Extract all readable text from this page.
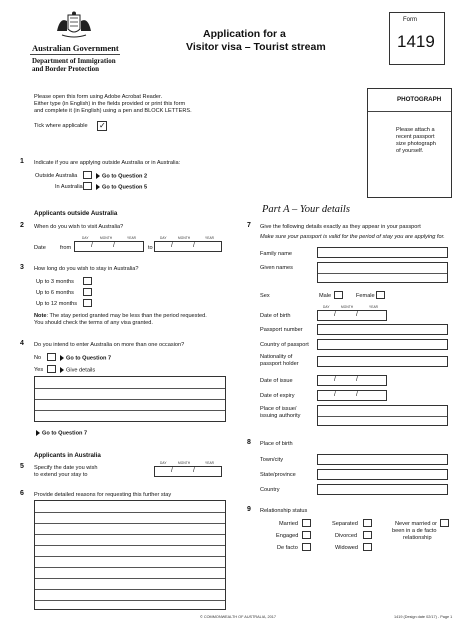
Australian Government
Department of Immigration
and Border Protection
Application for a
Visitor visa – Tourist stream
Form
1419
Please open this form using Adobe Acrobat Reader.
Either type (in English) in the fields provided or print this form
and complete it (in English) using a pen and BLOCK LETTERS.
Tick where applicable ✓
PHOTOGRAPH
Please attach a
recent passport
size photograph
of yourself.
1 Indicate if you are applying outside Australia or in Australia:
Outside Australia	Go to Question 2
In Australia	Go to Question 5
Applicants outside Australia
2 When do you wish to visit Australia?
DAY	MONTH	YEAR	DAY	MONTH	YEAR
Date	from	/	/	to	/	/
3 How long do you wish to stay in Australia?
Up to 3 months
Up to 6 months
Up to 12 months
Note: The stay period granted may be less than the period requested.
You should check the terms of any visa granted.
4 Do you intend to enter Australia on more than one occasion?
No	Go to Question 7
Yes	Give details
Go to Question 7
Applicants in Australia
5 Specify the date you wish
to extend your stay to
DAY	MONTH	YEAR
/	/
6 Provide detailed reasons for requesting this further stay
Part A – Your details
7 Give the following details exactly as they appear in your passport
Make sure your passport is valid for the period of stay you are applying for.
Family name
Given names
Sex	Male	Female
DAY	MONTH	YEAR
Date of birth	/	/
Passport number
Country of passport
Nationality of
passport holder
Date of issue	/	/
Date of expiry	/	/
Place of issue/
issuing authority
8 Place of birth
Town/city
State/province
Country
9 Relationship status
Married
Engaged
De facto
Separated
Divorced
Widowed
Never married or
been in a de facto
relationship
© COMMONWEALTH OF AUSTRALIA, 2017	1419 (Design date 02/17) - Page 1
